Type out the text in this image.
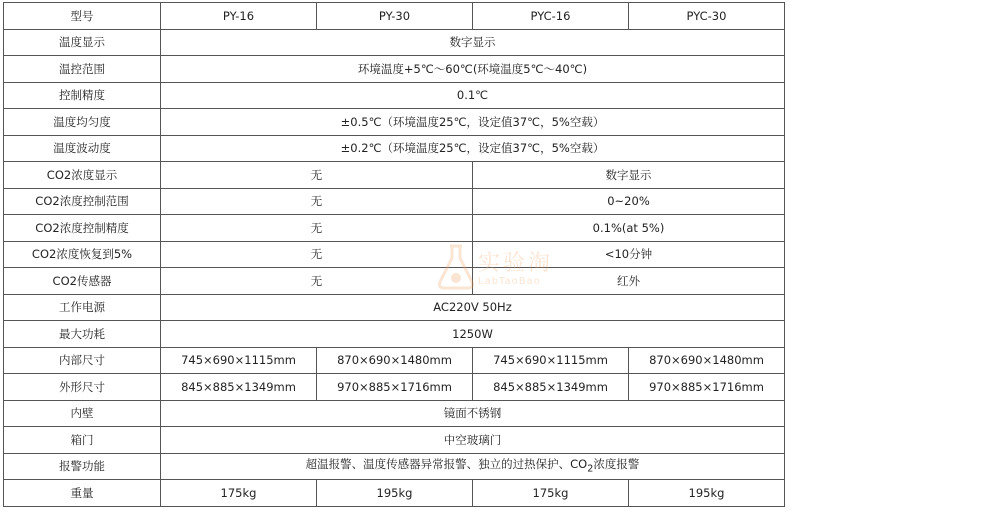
型号	PY-16	PY-30	PYC-16	PYC-30
温度显示	数字显示			
温控范围	环境温度+5℃～60℃(环境温度5℃～40℃)			
控制精度	0.1℃			
温度均匀度	±0.5℃（环境温度25℃，设定值37℃，5%空载）			
温度波动度	±0.2℃（环境温度25℃，设定值37℃，5%空载）			
CO2浓度显示	无		数字显示	
CO2浓度控制范围	无		0~20%	
CO2浓度控制精度	无		0.1%(at 5%)	
CO2浓度恢复到5%	无		<10分钟	
CO2传感器	无		红外	
工作电源	AC220V 50Hz			
最大功耗	1250W			
内部尺寸	745×690×1115mm	870×690×1480mm	745×690×1115mm	870×690×1480mm
外形尺寸	845×885×1349mm	970×885×1716mm	845×885×1349mm	970×885×1716mm
内壁	镜面不锈钢			
箱门	中空玻璃门			
报警功能	超温报警、温度传感器异常报警、独立的过热保护、$CO_2$浓度报警			
重量	175kg	195kg	175kg	195kg
实验淘
LabTaoBao
